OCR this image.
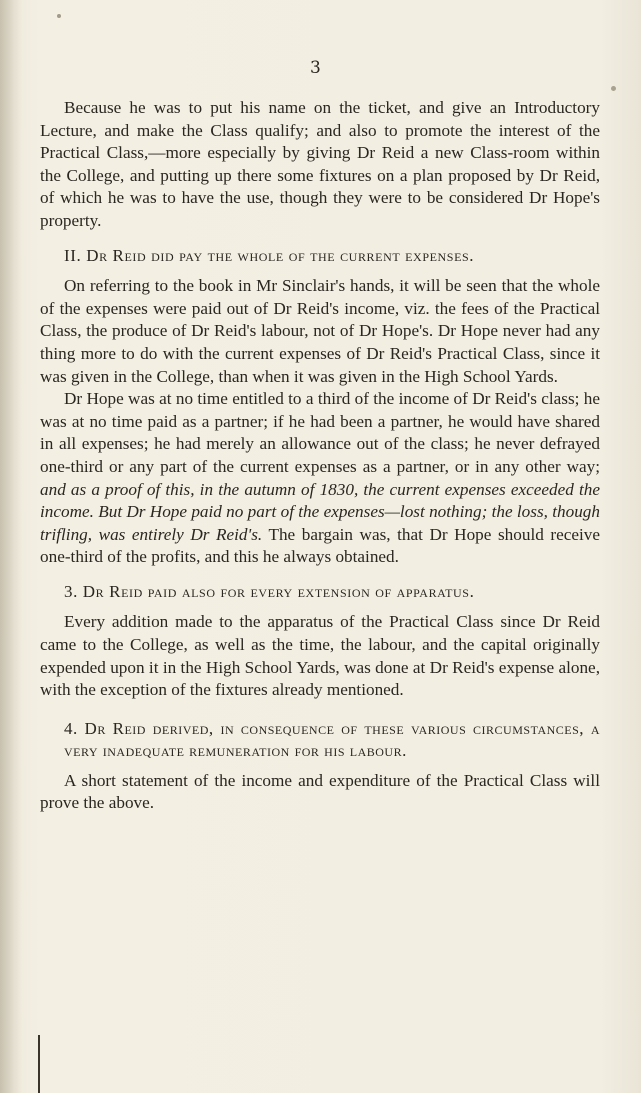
3

Because he was to put his name on the ticket, and give an Introductory Lecture, and make the Class qualify; and also to promote the interest of the Practical Class,—more especially by giving Dr Reid a new Class-room within the College, and putting up there some fixtures on a plan proposed by Dr Reid, of which he was to have the use, though they were to be considered Dr Hope's property.

II. Dr Reid did pay the whole of the current expenses.

On referring to the book in Mr Sinclair's hands, it will be seen that the whole of the expenses were paid out of Dr Reid's income, viz. the fees of the Practical Class, the produce of Dr Reid's labour, not of Dr Hope's. Dr Hope never had any thing more to do with the current expenses of Dr Reid's Practical Class, since it was given in the College, than when it was given in the High School Yards.

Dr Hope was at no time entitled to a third of the income of Dr Reid's class; he was at no time paid as a partner; if he had been a partner, he would have shared in all expenses; he had merely an allowance out of the class; he never defrayed one-third or any part of the current expenses as a partner, or in any other way; and as a proof of this, in the autumn of 1830, the current expenses exceeded the income. But Dr Hope paid no part of the expenses—lost nothing; the loss, though trifling, was entirely Dr Reid's. The bargain was, that Dr Hope should receive one-third of the profits, and this he always obtained.

3. Dr Reid paid also for every extension of apparatus.

Every addition made to the apparatus of the Practical Class since Dr Reid came to the College, as well as the time, the labour, and the capital originally expended upon it in the High School Yards, was done at Dr Reid's expense alone, with the exception of the fixtures already mentioned.

4. Dr Reid derived, in consequence of these various circumstances, a very inadequate remuneration for his labour.

A short statement of the income and expenditure of the Practical Class will prove the above.
